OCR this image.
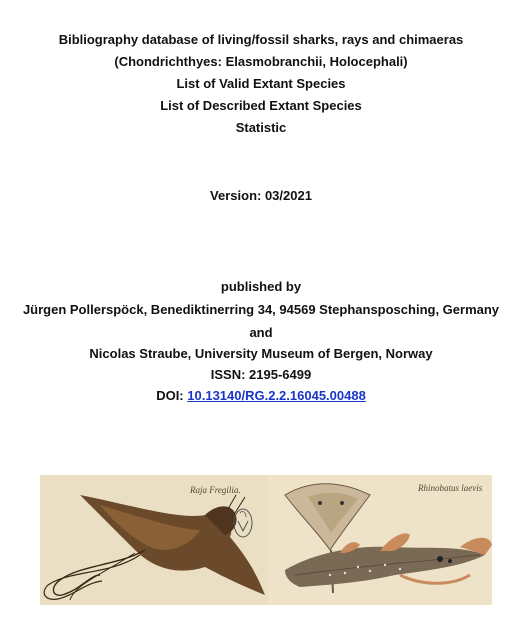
Bibliography database of living/fossil sharks, rays and chimaeras
(Chondrichthyes: Elasmobranchii, Holocephali)
List of Valid Extant Species
List of Described Extant Species
Statistic
Version: 03/2021
published by
Jürgen Pollerspöck, Benediktinerring 34, 94569 Stephansposching, Germany
and
Nicolas Straube, University Museum of Bergen, Norway
ISSN: 2195-6499
DOI: 10.13140/RG.2.2.16045.00488
Raja Fregilia.	Rhinobatus laevis
